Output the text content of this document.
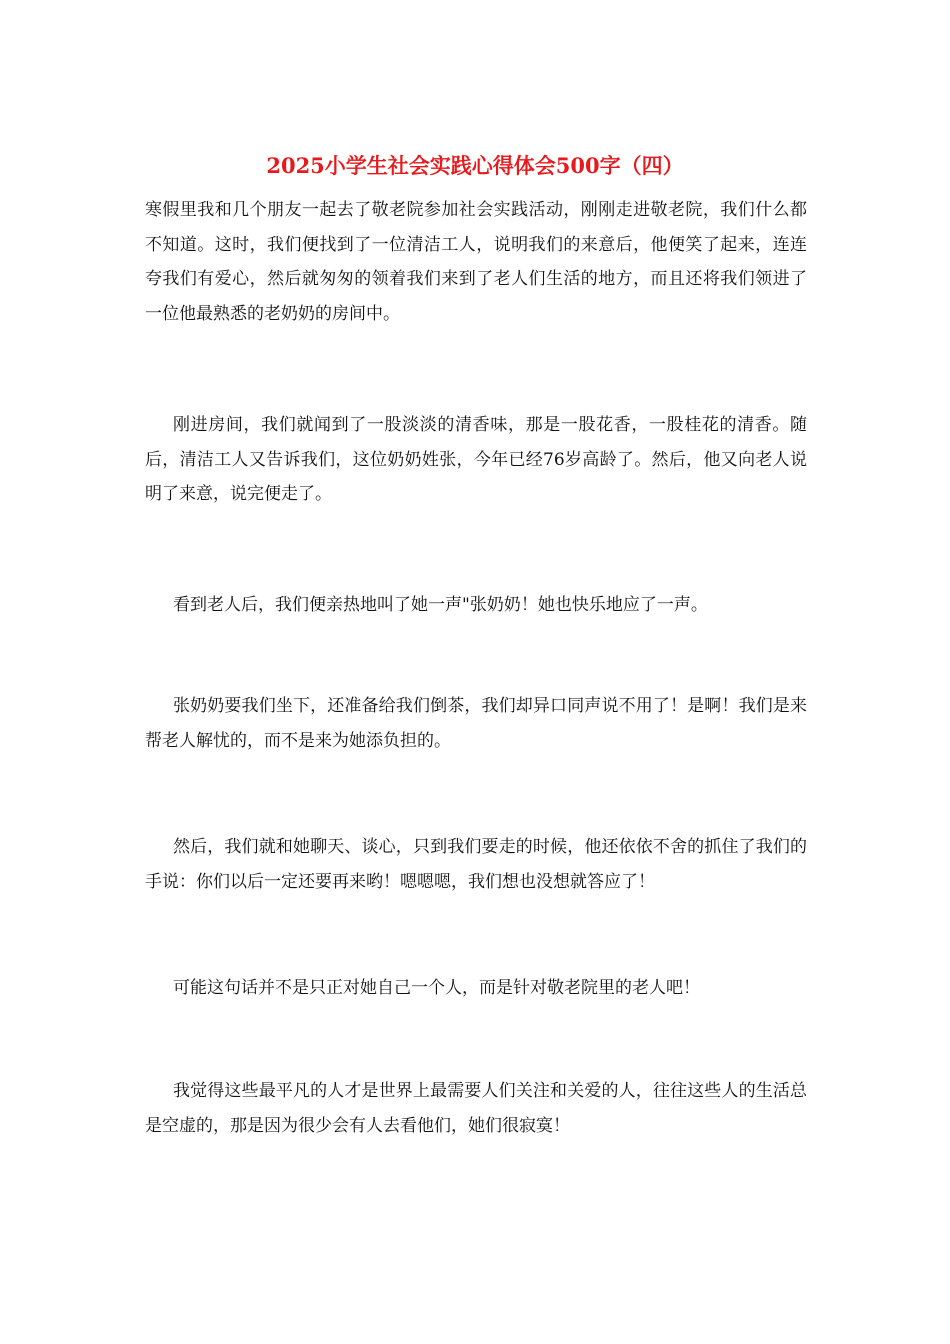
2025小学生社会实践心得体会500字（四）

寒假里我和几个朋友一起去了敬老院参加社会实践活动，刚刚走进敬老院，我们什么都不知道。这时，我们便找到了一位清洁工人，说明我们的来意后，他便笑了起来，连连夸我们有爱心，然后就匆匆的领着我们来到了老人们生活的地方，而且还将我们领进了一位他最熟悉的老奶奶的房间中。

刚进房间，我们就闻到了一股淡淡的清香味，那是一股花香，一股桂花的清香。随后，清洁工人又告诉我们，这位奶奶姓张，今年已经76岁高龄了。然后，他又向老人说明了来意，说完便走了。

看到老人后，我们便亲热地叫了她一声"张奶奶！她也快乐地应了一声。

张奶奶要我们坐下，还准备给我们倒茶，我们却异口同声说不用了！是啊！我们是来帮老人解忧的，而不是来为她添负担的。

然后，我们就和她聊天、谈心，只到我们要走的时候，他还依依不舍的抓住了我们的手说：你们以后一定还要再来哟！嗯嗯嗯，我们想也没想就答应了！

可能这句话并不是只正对她自己一个人，而是针对敬老院里的老人吧！

我觉得这些最平凡的人才是世界上最需要人们关注和关爱的人，往往这些人的生活总是空虚的，那是因为很少会有人去看他们，她们很寂寞！
